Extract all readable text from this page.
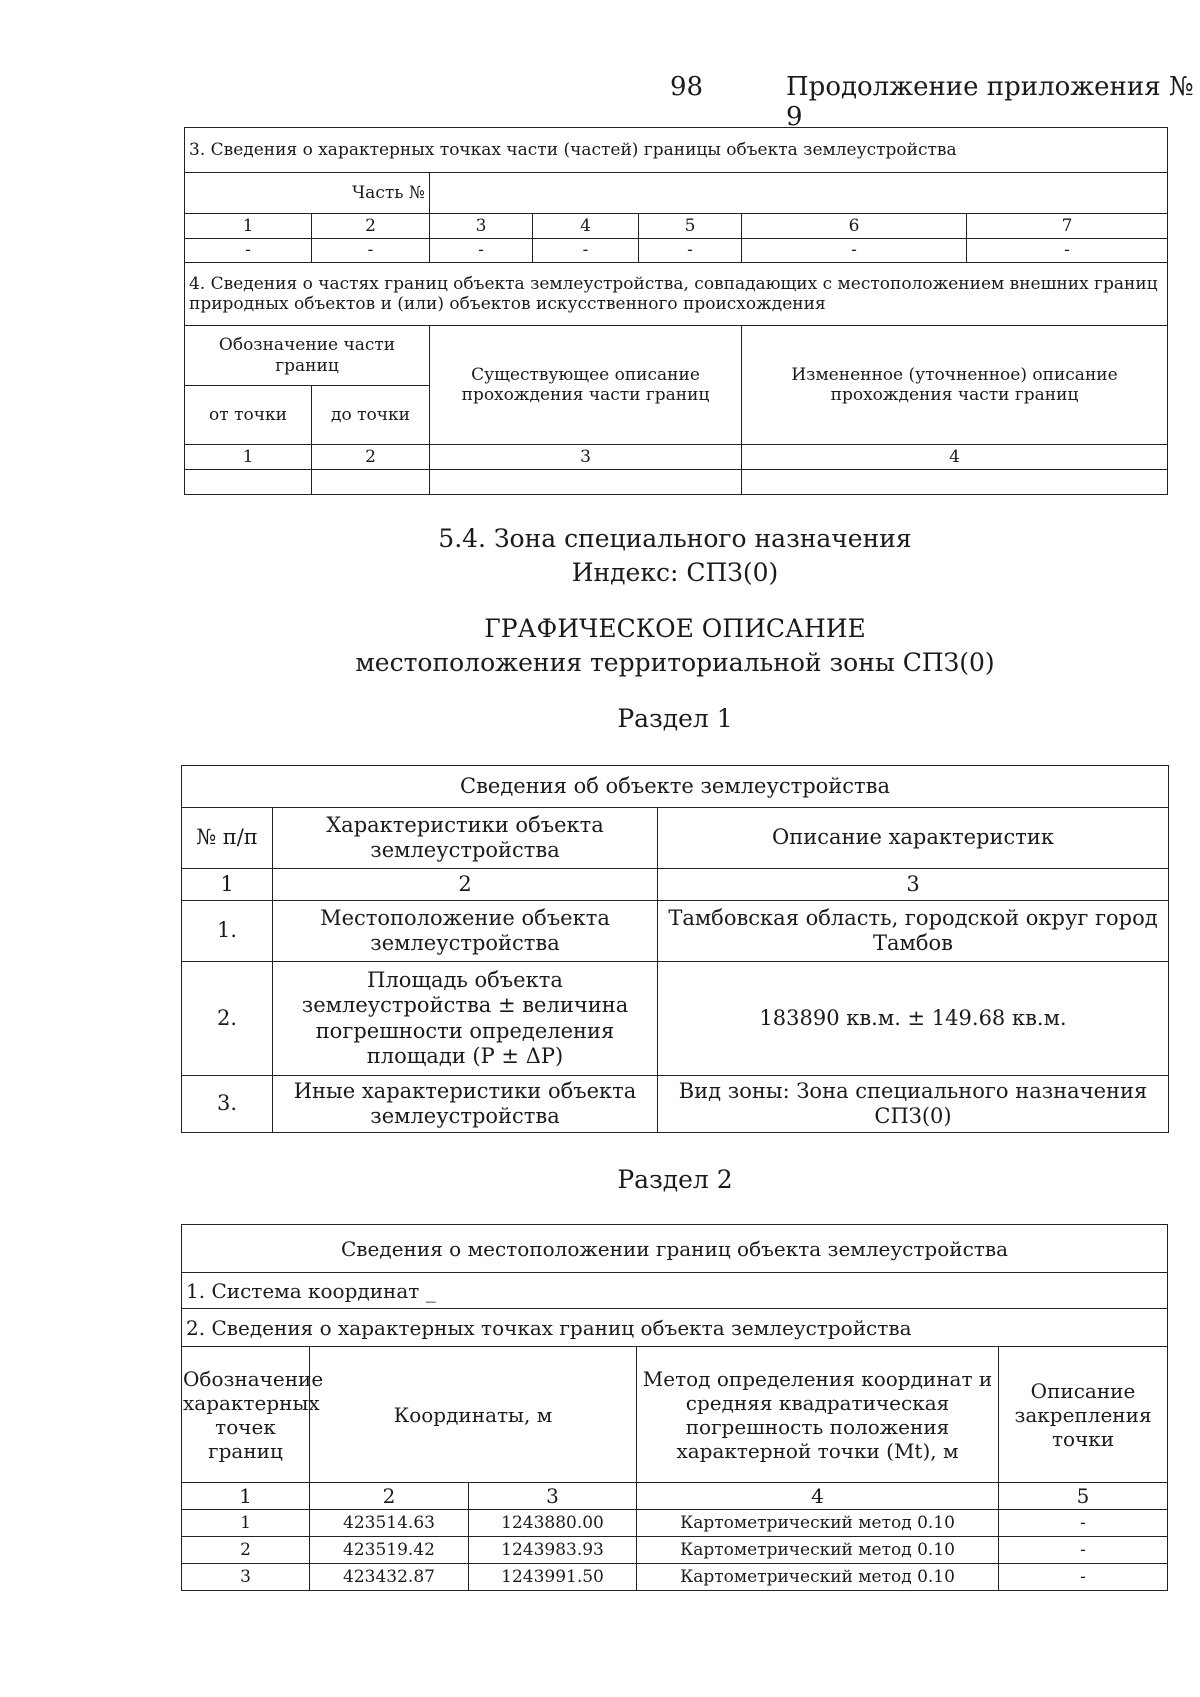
98	Продолжение приложения № 9
3. Сведения о характерных точках части (частей) границы объекта землеустройства						
Часть №						
1	2	3	4	5	6	7
-	-	-	-	-	-	-
4. Сведения о частях границ объекта землеустройства, совпадающих с местоположением внешних границ природных объектов и (или) объектов искусственного происхождения						
Обозначение части границ		Существующее описание прохождения части границ			Измененное (уточненное) описание прохождения части границ	
от точки	до точки					
1	2	3			4	

5.4. Зона специального назначения
Индекс: СПЗ(0)
ГРАФИЧЕСКОЕ ОПИСАНИЕ
местоположения территориальной зоны СПЗ(0)
Раздел 1
Сведения об объекте землеустройства		
№ п/п	Характеристики объекта землеустройства	Описание характеристик
1	2	3
1.	Местоположение объекта землеустройства	Тамбовская область, городской округ город Тамбов
2.	Площадь объекта землеустройства ± величина погрешности определения площади (P ± ΔP)	183890 кв.м. ± 149.68 кв.м.
3.	Иные характеристики объекта землеустройства	Вид зоны: Зона специального назначения СПЗ(0)
Раздел 2
Сведения о местоположении границ объекта землеустройства				
1. Система координат _				
2. Сведения о характерных точках границ объекта землеустройства				
Обозначение характерных точек границ	Координаты, м		Метод определения координат и средняя квадратическая погрешность положения характерной точки (Mt), м	Описание закрепления точки
1	2	3	4	5
1	423514.63	1243880.00	Картометрический метод 0.10	-
2	423519.42	1243983.93	Картометрический метод 0.10	-
3	423432.87	1243991.50	Картометрический метод 0.10	-
